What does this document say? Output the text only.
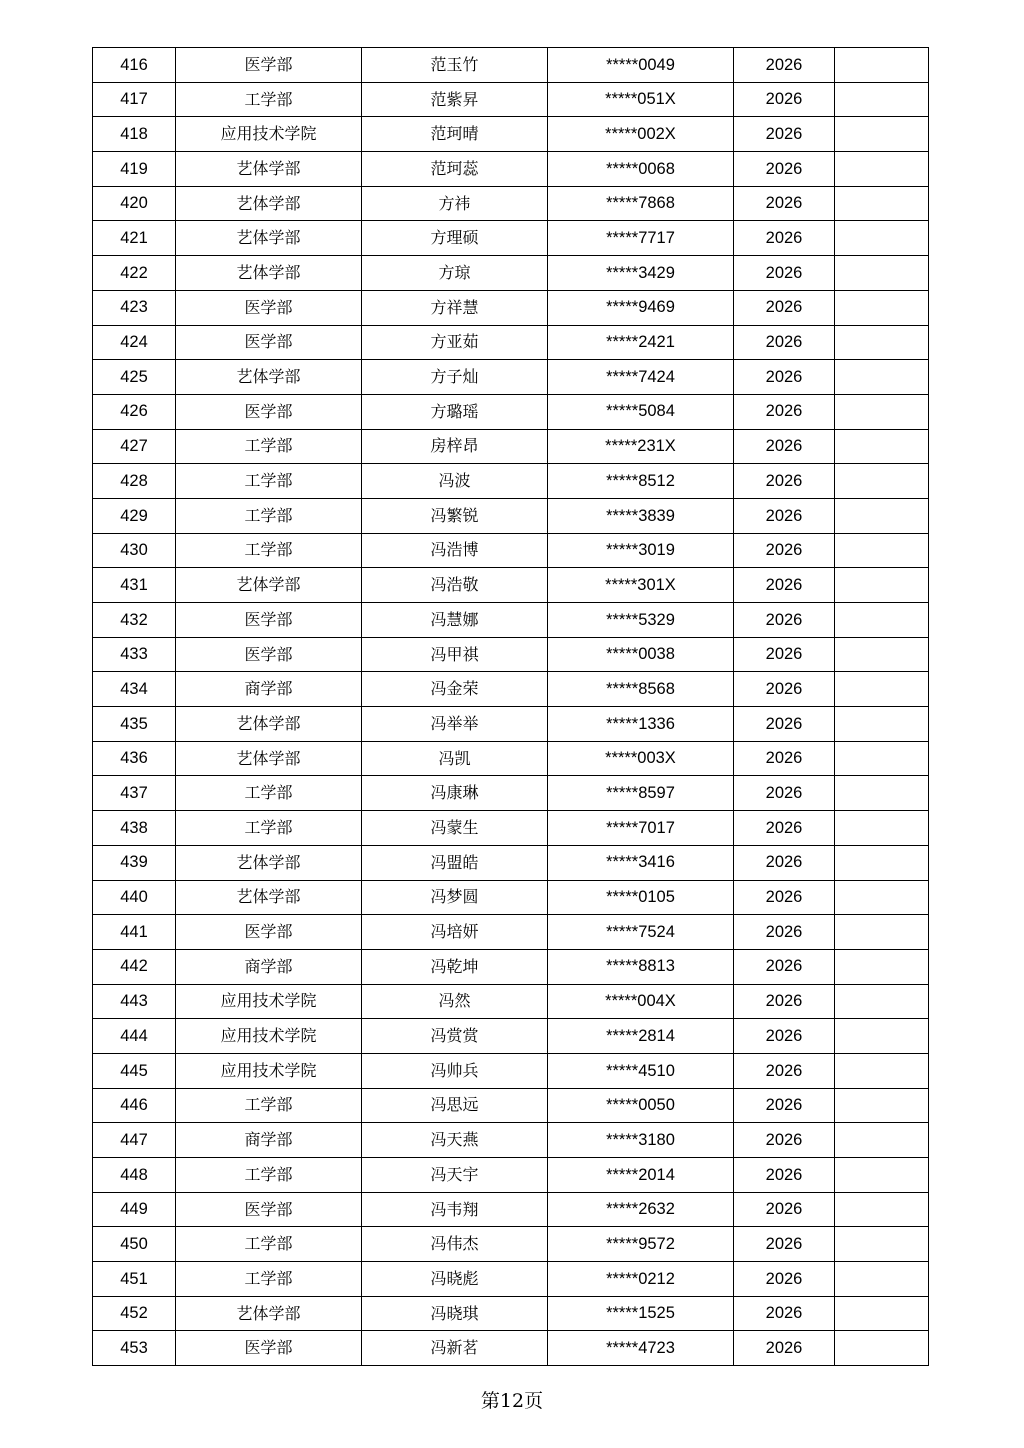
416	医学部	范玉竹	*****0049	2026	
417	工学部	范紫昇	*****051X	2026	
418	应用技术学院	范珂晴	*****002X	2026	
419	艺体学部	范珂蕊	*****0068	2026	
420	艺体学部	方祎	*****7868	2026	
421	艺体学部	方理硕	*****7717	2026	
422	艺体学部	方琼	*****3429	2026	
423	医学部	方祥慧	*****9469	2026	
424	医学部	方亚茹	*****2421	2026	
425	艺体学部	方子灿	*****7424	2026	
426	医学部	方璐瑶	*****5084	2026	
427	工学部	房梓昂	*****231X	2026	
428	工学部	冯波	*****8512	2026	
429	工学部	冯繁锐	*****3839	2026	
430	工学部	冯浩博	*****3019	2026	
431	艺体学部	冯浩敬	*****301X	2026	
432	医学部	冯慧娜	*****5329	2026	
433	医学部	冯甲祺	*****0038	2026	
434	商学部	冯金荣	*****8568	2026	
435	艺体学部	冯举举	*****1336	2026	
436	艺体学部	冯凯	*****003X	2026	
437	工学部	冯康琳	*****8597	2026	
438	工学部	冯蒙生	*****7017	2026	
439	艺体学部	冯盟皓	*****3416	2026	
440	艺体学部	冯梦圆	*****0105	2026	
441	医学部	冯培妍	*****7524	2026	
442	商学部	冯乾坤	*****8813	2026	
443	应用技术学院	冯然	*****004X	2026	
444	应用技术学院	冯赏赏	*****2814	2026	
445	应用技术学院	冯帅兵	*****4510	2026	
446	工学部	冯思远	*****0050	2026	
447	商学部	冯天燕	*****3180	2026	
448	工学部	冯天宇	*****2014	2026	
449	医学部	冯韦翔	*****2632	2026	
450	工学部	冯伟杰	*****9572	2026	
451	工学部	冯晓彪	*****0212	2026	
452	艺体学部	冯晓琪	*****1525	2026	
453	医学部	冯新茗	*****4723	2026	
第12页
